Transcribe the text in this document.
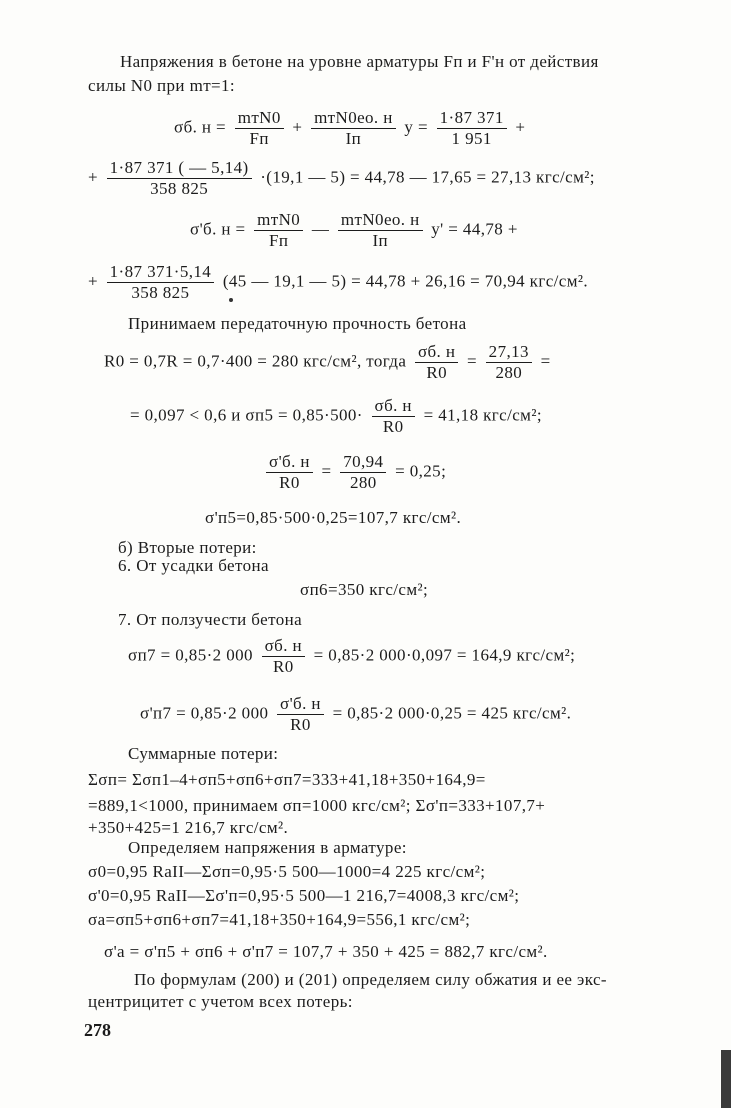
Напряжения в бетоне на уровне арматуры Fп и F'н от действия
силы N0 при mт=1:
σб. $н = \frac{\text{mтN0}}{Fп} + \frac{\text{mтN0eo. н}}{Iп}$ $y = \frac{1\cdot 87 371}{1 951}$ +
+ $\frac{1\cdot 87 371 ( — 5,14)}{358 825} \cdot(19,1$ — 5) = 44,78 — 17,65 = 27,13 кгс/см²;
σ'б. $н = \frac{\text{mтN0}}{Fп}$ — $\frac{\text{mтN0eo. н}}{Iп} y' = 44,78$ +
+ $\frac{1\cdot 87 371\cdot 5,14}{358 825} (45$ — 19,1 — 5) = 44,78 + 26,16 = 70,94 кгс/см².
Принимаем передаточную прочность бетона
R0 = 0,7R = 0,7·400 = 280 кгс/см², тогда $\frac{\sigma б. н}{R0} = \frac{27,13}{280}$ =
= 0,097 < 0,6 и $\sigma п5 = 0,85\cdot 500\cdot \frac{\sigma б. н}{R0} = 41,18$ кгс/см²;
$\frac{\sigma'б. н}{R0} = \frac{70,94}{280} = 0,25$;
σ'п5=0,85·500·0,25=107,7 кгс/см².
б) Вторые потери:
6. От усадки бетона
σп6=350 кгс/см²;
7. От ползучести бетона
σп7 = 0,85·2 $000 \frac{\sigma б. н}{R0} = 0,85\cdot 2$ 000·0,097 = 164,9 кгс/см²;
σ'п7 = 0,85·2 $000 \frac{\sigma'б. н}{R0} = 0,85\cdot 2$ 000·0,25 = 425 кгс/см².
Суммарные потери:
Σσп= Σσп1–4+σп5+σп6+σп7=333+41,18+350+164,9=
=889,1<1000, принимаем σп=1000 кгс/см²; Σσ'п=333+107,7+
+350+425=1 216,7 кгс/см².
Определяем напряжения в арматуре:
σ0=0,95 RaII—Σσп=0,95·5 500—1000=4 225 кгс/см²;
σ'0=0,95 RaII—Σσ'п=0,95·5 500—1 216,7=4008,3 кгс/см²;
σа=σп5+σп6+σп7=41,18+350+164,9=556,1 кгс/см²;
σ'а = σ'п5 + σп6 + σ'п7 = 107,7 + 350 + 425 = 882,7 кгс/см².
По формулам (200) и (201) определяем силу обжатия и ее экс-
центрицитет с учетом всех потерь:
278
